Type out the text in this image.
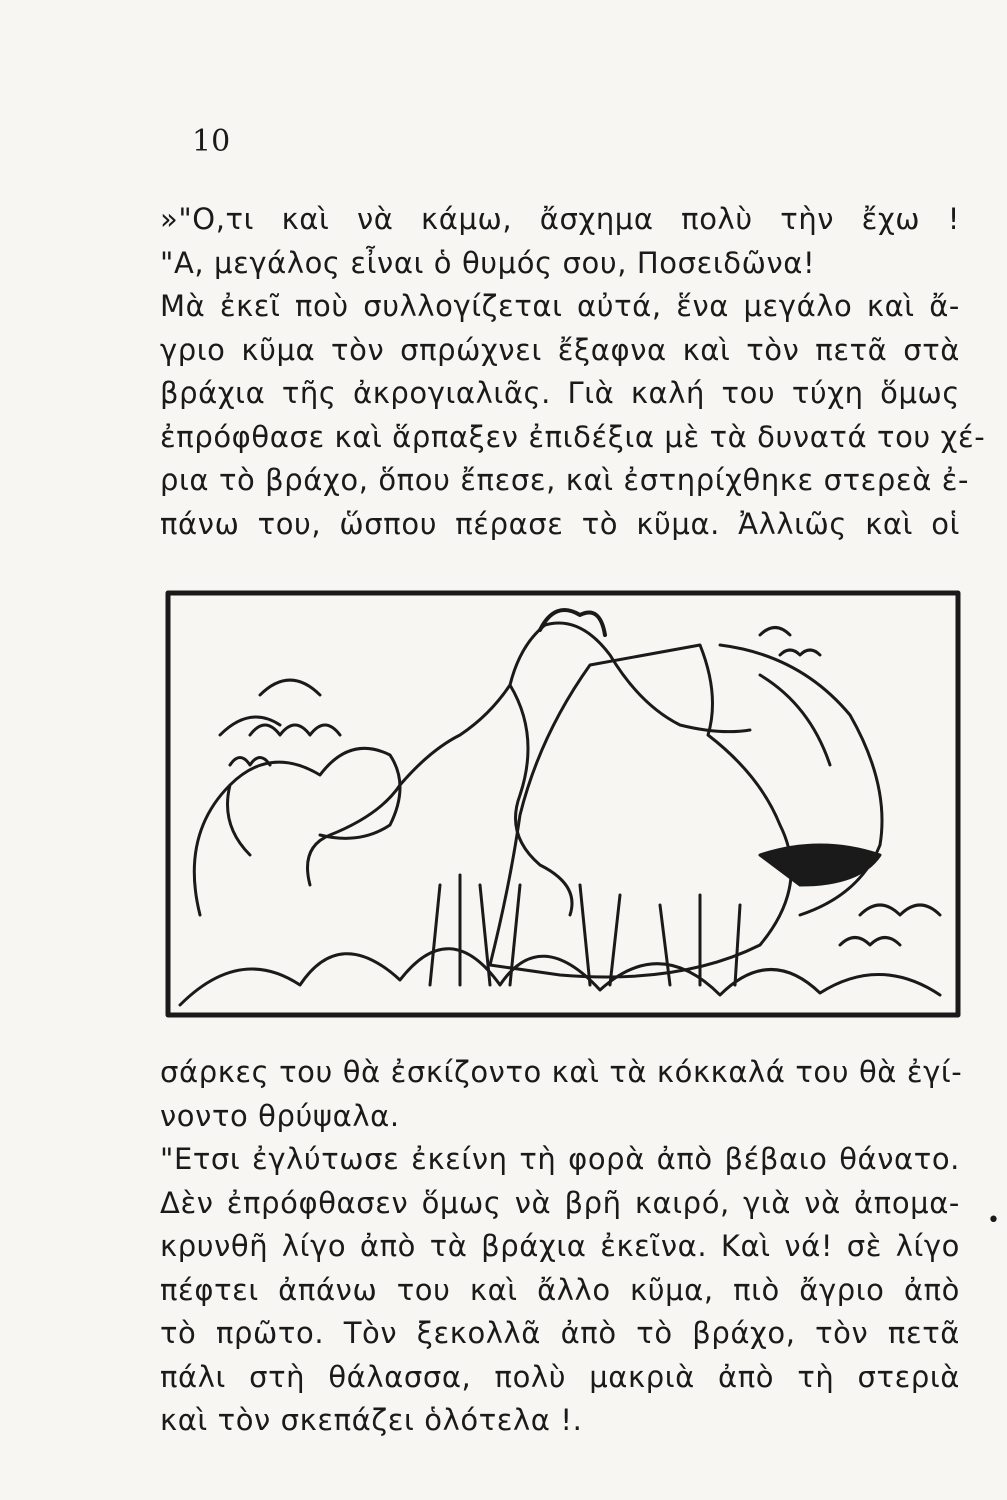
10
»"Ο,τι καὶ νὰ κάμω, ἄσχημα πολὺ τὴν ἔχω !
"Α, μεγάλος εἶναι ὁ θυμός σου, Ποσειδῶνα!
Μὰ ἐκεῖ ποὺ συλλογίζεται αὐτά, ἕνα μεγάλο καὶ ἄ-
γριο κῦμα τὸν σπρώχνει ἔξαφνα καὶ τὸν πετᾶ στὰ
βράχια τῆς ἀκρογιαλιᾶς. Γιὰ καλή του τύχη ὅμως
ἐπρόφθασε καὶ ἅρπαξεν ἐπιδέξια μὲ τὰ δυνατά του χέ-
ρια τὸ βράχο, ὅπου ἔπεσε, καὶ ἐστηρίχθηκε στερεὰ ἐ-
πάνω του, ὥσπου πέρασε τὸ κῦμα. Ἀλλιῶς καὶ οἱ
σάρκες του θὰ ἐσκίζοντο καὶ τὰ κόκκαλά του θὰ ἐγί-
νοντο θρύψαλα.
"Ετσι ἐγλύτωσε ἐκείνη τὴ φορὰ ἀπὸ βέβαιο θάνατο.
Δὲν ἐπρόφθασεν ὅμως νὰ βρῆ καιρό, γιὰ νὰ ἀπομα-
κρυνθῆ λίγο ἀπὸ τὰ βράχια ἐκεῖνα. Καὶ νά! σὲ λίγο
πέφτει ἀπάνω του καὶ ἄλλο κῦμα, πιὸ ἄγριο ἀπὸ
τὸ πρῶτο. Τὸν ξεκολλᾶ ἀπὸ τὸ βράχο, τὸν πετᾶ
πάλι στὴ θάλασσα, πολὺ μακριὰ ἀπὸ τὴ στεριὰ
καὶ τὸν σκεπάζει ὁλότελα !.
•
